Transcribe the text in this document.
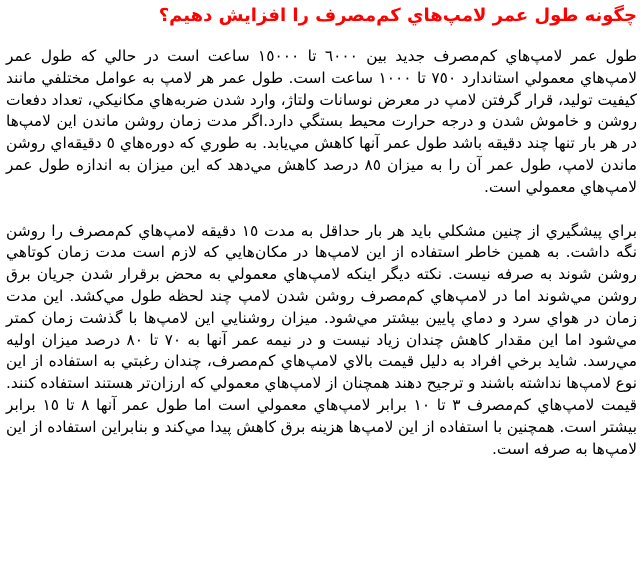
چگونه طول عمر لامپ‌هاي كم‌مصرف را افزايش دهيم؟

طول عمر لامپ‌هاي كم‌مصرف جديد بين ٦٠٠٠ تا ١٥٠٠٠ ساعت است در حالي كه طول عمر لامپ‌هاي معمولي استاندارد ٧٥٠ تا ١٠٠٠ ساعت است. طول عمر هر لامپ به عوامل مختلفي مانند كيفيت توليد، قرار گرفتن لامپ در معرض نوسانات ولتاژ، وارد شدن ضربه‌هاي مكانيكي، تعداد دفعات روشن و خاموش شدن و درجه حرارت محيط بستگي دارد.اگر مدت زمان روشن ماندن اين لامپ‌ها در هر بار تنها چند دقيقه باشد طول عمر آنها كاهش مي‌يابد. به طوري كه دوره‌هاي ٥ دقيقه‌اي روشن ماندن لامپ، طول عمر آن را به ميزان ٨٥ درصد كاهش مي‌دهد كه اين ميزان به اندازه طول عمر لامپ‌هاي معمولي است.

براي پيشگيري از چنين مشكلي بايد هر بار حداقل به مدت ١٥ دقيقه لامپ‌هاي كم‌مصرف را روشن نگه داشت. به همين خاطر استفاده از اين لامپ‌ها در مكان‌هايي كه لازم است مدت زمان كوتاهي روشن شوند به صرفه نيست. نكته ديگر اينكه لامپ‌هاي معمولي به محض برقرار شدن جريان برق روشن مي‌شوند اما در لامپ‌هاي كم‌مصرف روشن شدن لامپ چند لحظه طول مي‌كشد. اين مدت زمان در هواي سرد و دماي پايين بيشتر مي‌شود. ميزان روشنايي اين لامپ‌ها با گذشت زمان كمتر مي‌شود اما اين مقدار كاهش چندان زياد نيست و در نيمه عمر آنها به ٧٠ تا ٨٠ درصد ميزان اوليه مي‌رسد. شايد برخي افراد به دليل قيمت بالاي لامپ‌هاي كم‌مصرف، چندان رغبتي به استفاده از اين نوع لامپ‌ها نداشته باشند و ترجيح دهند همچنان از لامپ‌هاي معمولي كه ارزان‌تر هستند استفاده كنند. قيمت لامپ‌هاي كم‌مصرف ٣ تا ١٠ برابر لامپ‌هاي معمولي است اما طول عمر آنها ٨ تا ١٥ برابر بيشتر است. همچنين با استفاده از اين لامپ‌ها هزينه برق كاهش پيدا مي‌كند و بنابراين استفاده از اين لامپ‌ها به صرفه است.
